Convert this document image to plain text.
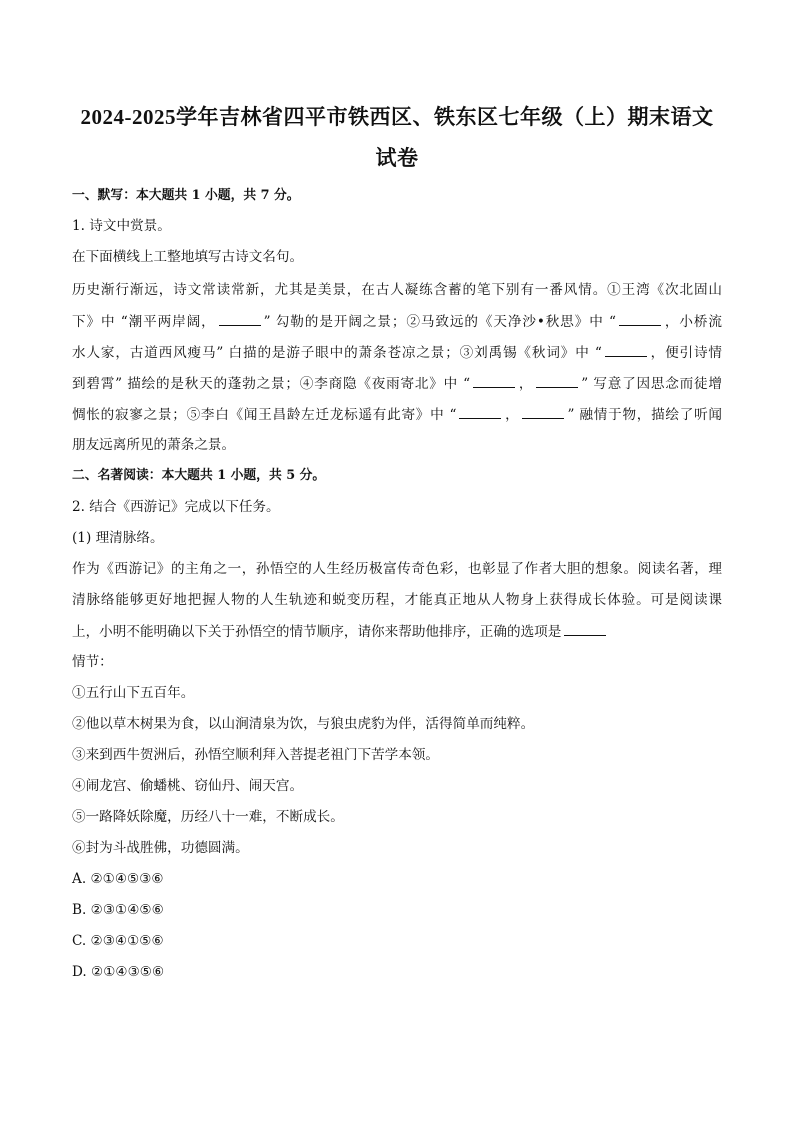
2024-2025学年吉林省四平市铁西区、铁东区七年级（上）期末语文
试卷

一、默写：本大题共 1 小题，共 7 分。

1. 诗文中赏景。

在下面横线上工整地填写古诗文名句。

历史渐行渐远，诗文常读常新，尤其是美景，在古人凝练含蓄的笔下别有一番风情。①王湾《次北固山

下》中 “潮平两岸阔，	” 勾勒的是开阔之景；②马致远的《天净沙•秋思》中 “	，小桥流

水人家，古道西风瘦马” 白描的是游子眼中的萧条苍凉之景；③刘禹锡《秋词》中 “	，便引诗情

到碧霄” 描绘的是秋天的蓬勃之景；④李商隐《夜雨寄北》中 “	，	” 写意了因思念而徒增

惆怅的寂寥之景；⑤李白《闻王昌龄左迁龙标遥有此寄》中 “	，	” 融情于物，描绘了听闻

朋友远离所见的萧条之景。

二、名著阅读：本大题共 1 小题，共 5 分。

2. 结合《西游记》完成以下任务。

(1) 理清脉络。

作为《西游记》的主角之一，孙悟空的人生经历极富传奇色彩，也彰显了作者大胆的想象。阅读名著，理

清脉络能够更好地把握人物的人生轨迹和蜕变历程，才能真正地从人物身上获得成长体验。可是阅读课

上，小明不能明确以下关于孙悟空的情节顺序，请你来帮助他排序，正确的选项是

情节：

①五行山下五百年。

②他以草木树果为食，以山涧清泉为饮，与狼虫虎豹为伴，活得简单而纯粹。

③来到西牛贺洲后，孙悟空顺利拜入菩提老祖门下苦学本领。

④闹龙宫、偷蟠桃、窃仙丹、闹天宫。

⑤一路降妖除魔，历经八十一难，不断成长。

⑥封为斗战胜佛，功德圆满。

A. ②①④⑤③⑥

B. ②③①④⑤⑥

C. ②③④①⑤⑥

D. ②①④③⑤⑥
